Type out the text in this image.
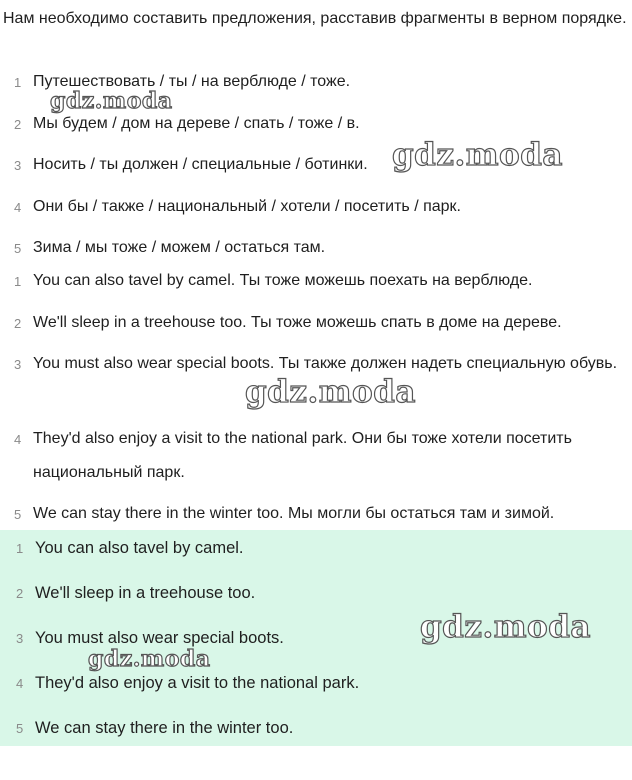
Нам необходимо составить предложения, расставив фрагменты в верном порядке.

1 Путешествовать / ты / на верблюде / тоже.
2 Мы будем / дом на дереве / спать / тоже / в.
3 Носить / ты должен / специальные / ботинки.
4 Они бы / также / национальный / хотели / посетить / парк.
5 Зима / мы тоже / можем / остаться там.
1 You can also tavel by camel. Ты тоже можешь поехать на верблюде.
2 We'll sleep in a treehouse too. Ты тоже можешь спать в доме на дереве.
3 You must also wear special boots. Ты также должен надеть специальную обувь.
4 They'd also enjoy a visit to the national park. Они бы тоже хотели посетить национальный парк.
5 We can stay there in the winter too. Мы могли бы остаться там и зимой.
1 You can also tavel by camel.
2 We'll sleep in a treehouse too.
3 You must also wear special boots.
4 They'd also enjoy a visit to the national park.
5 We can stay there in the winter too.
gdz.moda
gdz.moda
gdz.moda
gdz.moda
gdz.moda
